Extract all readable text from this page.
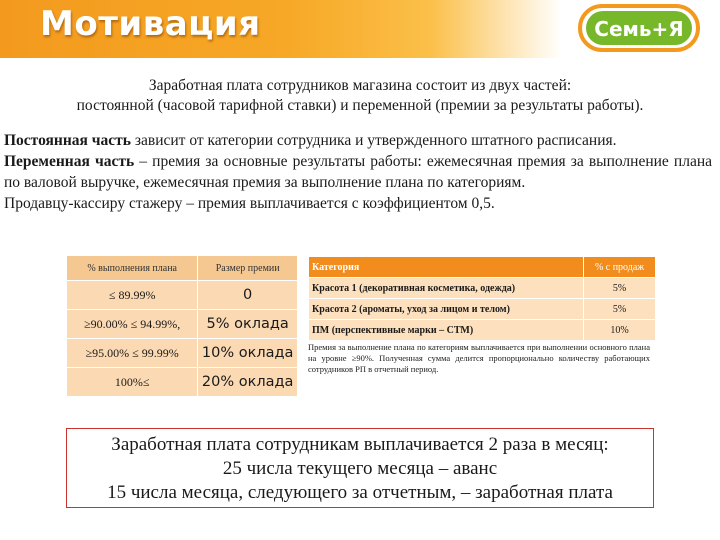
Мотивация	Семь+Я
Заработная плата сотрудников магазина состоит из двух частей:
постоянной (часовой тарифной ставки) и переменной (премии за результаты работы).

Постоянная часть зависит от категории сотрудника и утвержденного штатного расписания.

Переменная часть – премия за основные результаты работы: ежемесячная премия за выполнение плана по валовой выручке, ежемесячная премия за выполнение плана по категориям.

Продавцу-кассиру стажеру – премия выплачивается с коэффициентом 0,5.

% выполнения плана	Размер премии
≤ 89.99%	0
≥90.00% ≤ 94.99%,	5% оклада
≥95.00% ≤ 99.99%	10% оклада
100%≤	20% оклада
Категория	% с продаж
Красота 1 (декоративная косметика, одежда)	5%
Красота 2 (ароматы, уход за лицом и телом)	5%
ПМ (перспективные марки – СТМ)	10%
Премия за выполнение плана по категориям выплачивается при выполнении основного плана на уровне ≥90%. Полученная сумма делится пропорционально количеству работающих сотрудников РП в отчетный период.
Заработная плата сотрудникам выплачивается 2 раза в месяц:
25 числа текущего месяца – аванс
15 числа месяца, следующего за отчетным, – заработная плата
